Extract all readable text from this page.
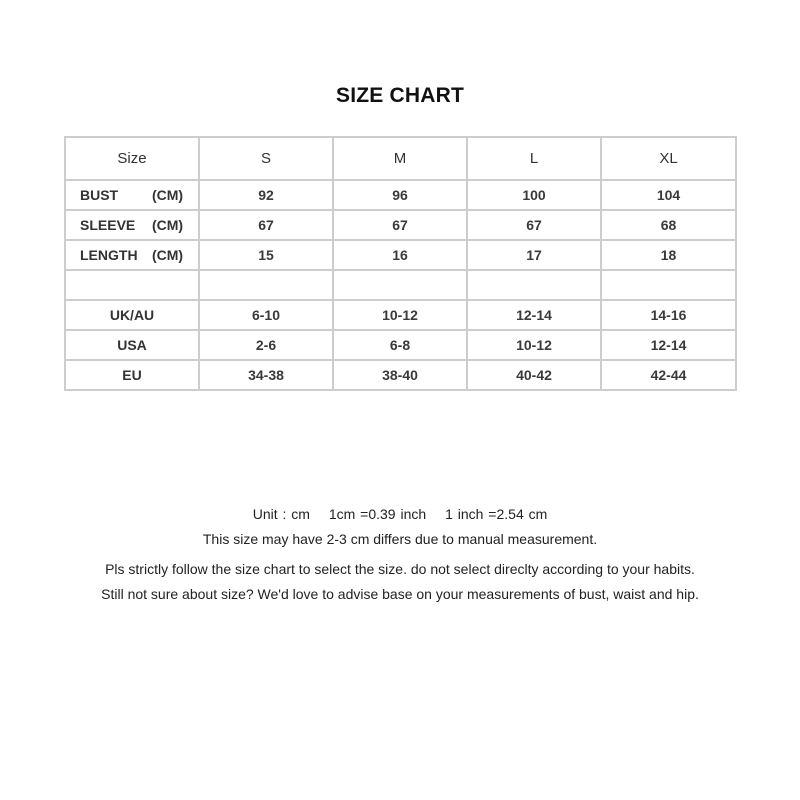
SIZE CHART
Size	S	M	L	XL
BUST (CM)	92	96	100	104
SLEEVE (CM)	67	67	67	68
LENGTH (CM)	15	16	17	18

UK/AU	6-10	10-12	12-14	14-16
USA	2-6	6-8	10-12	12-14
EU	34-38	38-40	40-42	42-44
Unit : cm 1cm =0.39 inch 1 inch =2.54 cm
This size may have 2-3 cm differs due to manual measurement.
Pls strictly follow the size chart to select the size. do not select direclty according to your habits.
Still not sure about size? We'd love to advise base on your measurements of bust, waist and hip.
